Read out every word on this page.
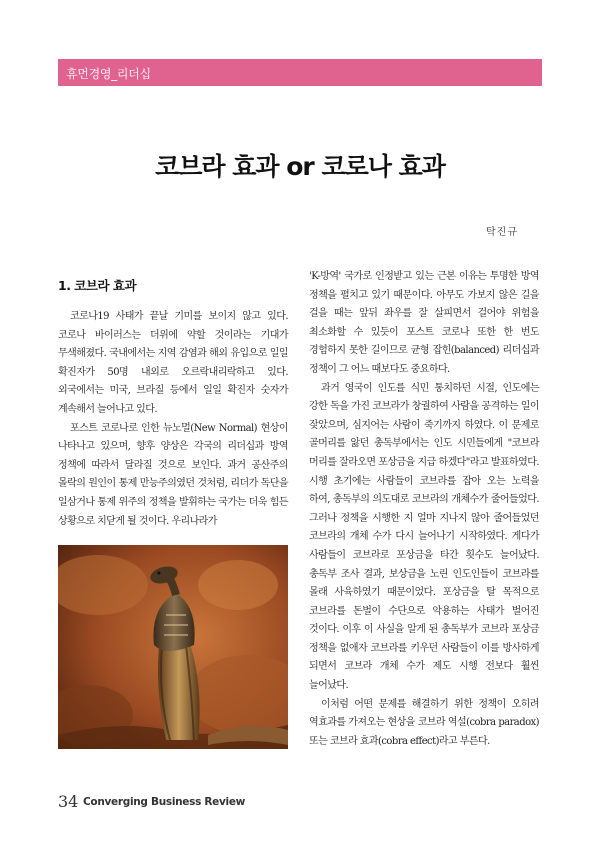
휴먼경영_리더십
코브라 효과 or 코로나 효과
탁진규
1. 코브라 효과

코로나19 사태가 끝날 기미를 보이지 않고 있다. 코로나 바이러스는 더위에 약할 것이라는 기대가 무색해졌다. 국내에서는 지역 감염과 해외 유입으로 일일 확진자가 50명 내외로 오르락내리락하고 있다. 외국에서는 미국, 브라질 등에서 일일 확진자 숫자가 계속해서 늘어나고 있다.

포스트 코로나로 인한 뉴노멀(New Normal) 현상이 나타나고 있으며, 향후 양상은 각국의 리더십과 방역 정책에 따라서 달라질 것으로 보인다. 과거 공산주의 몰락의 원인이 통제 만능주의였던 것처럼, 리더가 독단을 일삼거나 통제 위주의 정책을 발휘하는 국가는 더욱 힘든 상황으로 치닫게 될 것이다. 우리나라가

'K-방역' 국가로 인정받고 있는 근본 이유는 투명한 방역 정책을 펼치고 있기 때문이다. 아무도 가보지 않은 길을 걸을 때는 앞뒤 좌우를 잘 살피면서 걸어야 위험을 최소화할 수 있듯이 포스트 코로나 또한 한 번도 경험하지 못한 길이므로 균형 잡힌(balanced) 리더십과 정책이 그 어느 때보다도 중요하다.

과거 영국이 인도를 식민 통치하던 시절, 인도에는 강한 독을 가진 코브라가 창궐하여 사람을 공격하는 일이 잦았으며, 심지어는 사람이 죽기까지 하였다. 이 문제로 골머리를 앓던 총독부에서는 인도 시민들에게 "코브라 머리를 잘라오면 포상금을 지급 하겠다"라고 발표하였다. 시행 초기에는 사람들이 코브라를 잡아 오는 노력을 하여, 총독부의 의도대로 코브라의 개체수가 줄어들었다. 그러나 정책을 시행한 지 얼마 지나지 않아 줄어들었던 코브라의 개체 수가 다시 늘어나기 시작하였다. 게다가 사람들이 코브라로 포상금을 타간 횟수도 늘어났다. 총독부 조사 결과, 보상금을 노린 인도인들이 코브라를 몰래 사육하였기 때문이었다. 포상금을 탈 목적으로 코브라를 돈벌이 수단으로 악용하는 사태가 벌어진 것이다. 이후 이 사실을 알게 된 총독부가 코브라 포상금 정책을 없애자 코브라를 키우던 사람들이 이를 방사하게 되면서 코브라 개체 수가 제도 시행 전보다 훨씬 늘어났다.

이처럼 어떤 문제를 해결하기 위한 정책이 오히려 역효과를 가져오는 현상을 코브라 역설(cobra paradox) 또는 코브라 효과(cobra effect)라고 부른다.

34 Converging Business Review
